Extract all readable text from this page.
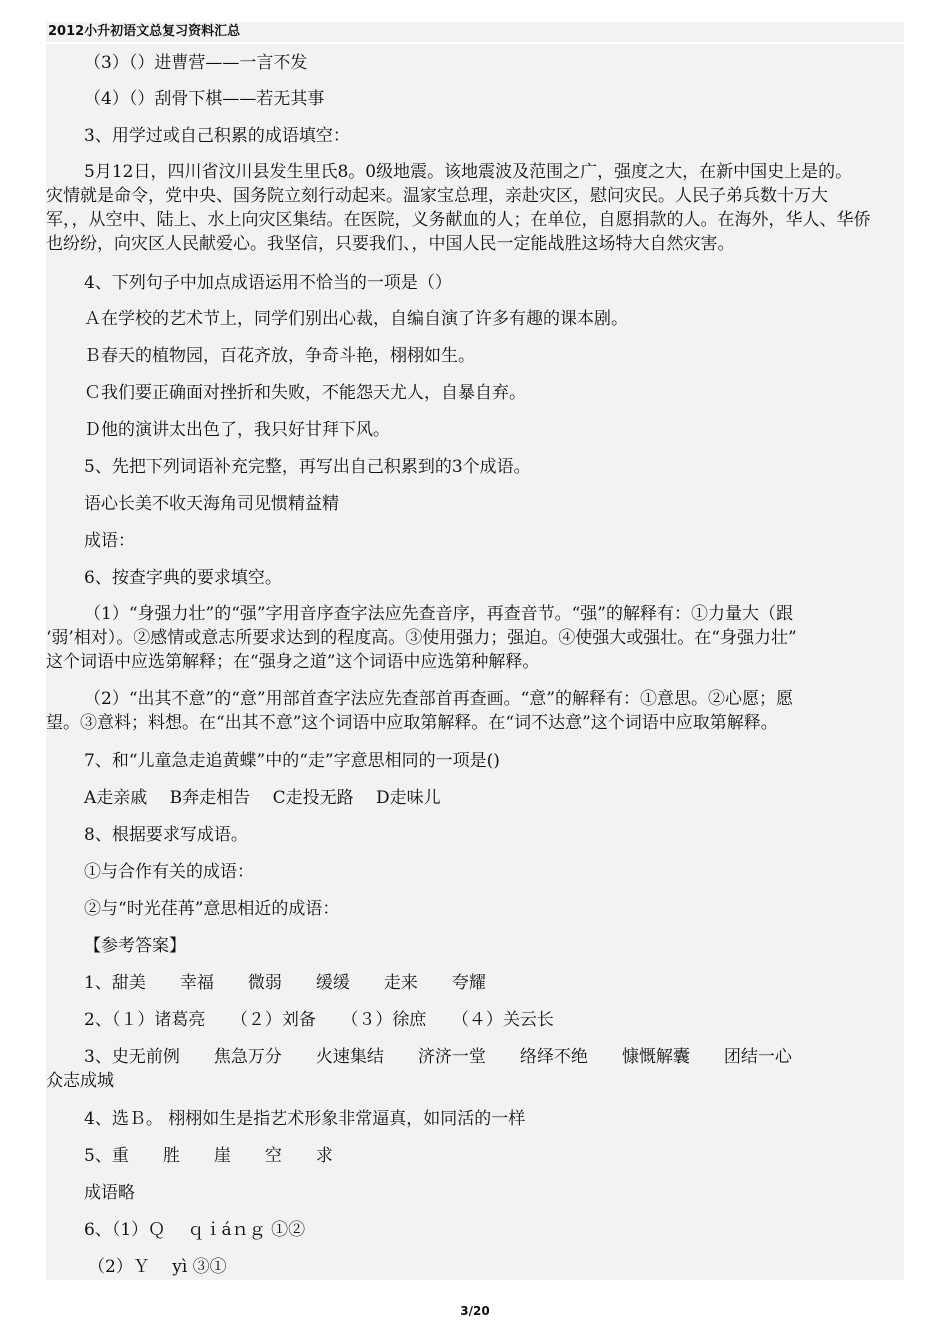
2012小升初语文总复习资料汇总
（3）（）进曹营——一言不发
（4）（）刮骨下棋——若无其事
3、用学过或自己积累的成语填空：
5月12日，四川省汶川县发生里氏8。0级地震。该地震波及范围之广，强度之大，在新中国史上是的。
灾情就是命令，党中央、国务院立刻行动起来。温家宝总理，亲赴灾区，慰问灾民。人民子弟兵数十万大
军，，从空中、陆上、水上向灾区集结。在医院，义务献血的人；在单位，自愿捐款的人。在海外，华人、华侨
也纷纷，向灾区人民献爱心。我坚信，只要我们、，中国人民一定能战胜这场特大自然灾害。
4、下列句子中加点成语运用不恰当的一项是（）
Ａ在学校的艺术节上，同学们别出心裁，自编自演了许多有趣的课本剧。
Ｂ春天的植物园，百花齐放，争奇斗艳，栩栩如生。
Ｃ我们要正确面对挫折和失败，不能怨天尤人，自暴自弃。
Ｄ他的演讲太出色了，我只好甘拜下风。
5、先把下列词语补充完整，再写出自己积累到的3个成语。
语心长美不收天海角司见惯精益精
成语：
6、按查字典的要求填空。
（1）“身强力壮”的“强”字用音序查字法应先查音序，再查音节。“强”的解释有：①力量大（跟
‘弱’相对）。②感情或意志所要求达到的程度高。③使用强力；强迫。④使强大或强壮。在“身强力壮”
这个词语中应选第解释；在“强身之道”这个词语中应选第种解释。
（2）“出其不意”的“意”用部首查字法应先查部首再查画。“意”的解释有：①意思。②心愿；愿
望。③意料；料想。在“出其不意”这个词语中应取第解释。在“词不达意”这个词语中应取第解释。
7、和“儿童急走追黄蝶”中的“走”字意思相同的一项是()
A走亲戚　 B奔走相告　 C走投无路　 D走味儿
8、根据要求写成语。
①与合作有关的成语：
②与“时光荏苒”意思相近的成语：
【参考答案】
1、甜美　　幸福　　微弱　　缓缓　　走来　　夸耀
2、（１）诸葛亮　　（２）刘备　　（３）徐庶　　（４）关云长
3、史无前例　　焦急万分　　火速集结　　济济一堂　　络绎不绝　　慷慨解囊　　团结一心
众志成城
4、选Ｂ。 栩栩如生是指艺术形象非常逼真，如同活的一样
5、重　　胜　　崖　　空　　求
成语略
6、（1）Ｑ　 ｑｉáｎｇ ①②
（2）Ｙ　 yì ③①
3/20
